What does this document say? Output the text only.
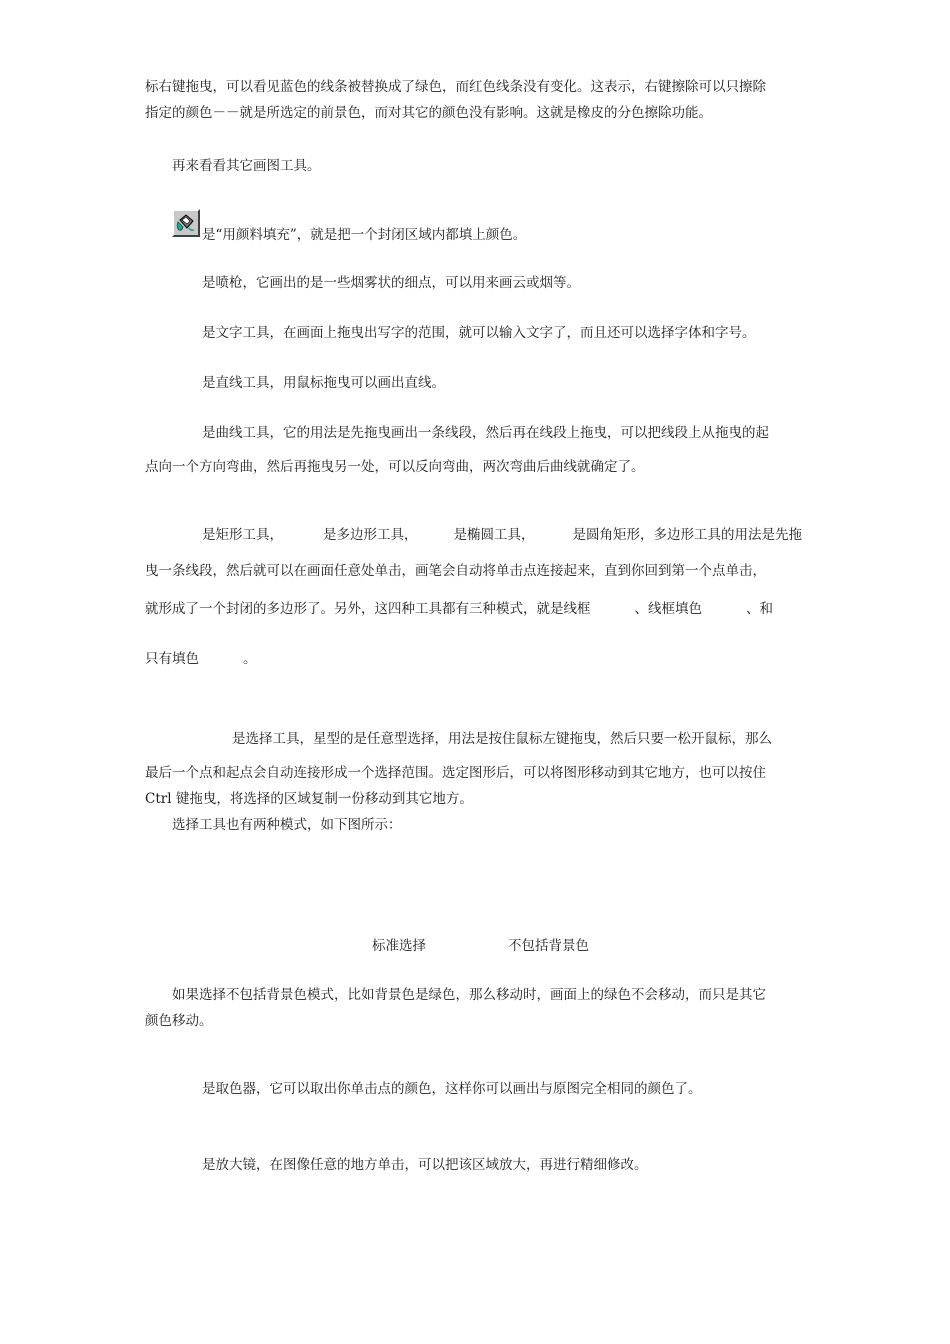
标右键拖曳，可以看见蓝色的线条被替换成了绿色，而红色线条没有变化。这表示，右键擦除可以只擦除
指定的颜色－－就是所选定的前景色，而对其它的颜色没有影响。这就是橡皮的分色擦除功能。
再来看看其它画图工具。
是“用颜料填充”，就是把一个封闭区域内都填上颜色。
是喷枪，它画出的是一些烟雾状的细点，可以用来画云或烟等。
是文字工具，在画面上拖曳出写字的范围，就可以输入文字了，而且还可以选择字体和字号。
是直线工具，用鼠标拖曳可以画出直线。
是曲线工具，它的用法是先拖曳画出一条线段，然后再在线段上拖曳，可以把线段上从拖曳的起
点向一个方向弯曲，然后再拖曳另一处，可以反向弯曲，两次弯曲后曲线就确定了。
是矩形工具，	是多边形工具，	是椭圆工具，	是圆角矩形，多边形工具的用法是先拖
曳一条线段，然后就可以在画面任意处单击，画笔会自动将单击点连接起来，直到你回到第一个点单击，
就形成了一个封闭的多边形了。另外，这四种工具都有三种模式，就是线框	、线框填色	、和
只有填色	。
是选择工具，星型的是任意型选择，用法是按住鼠标左键拖曳，然后只要一松开鼠标，那么
最后一个点和起点会自动连接形成一个选择范围。选定图形后，可以将图形移动到其它地方，也可以按住
Ctrl 键拖曳，将选择的区域复制一份移动到其它地方。
选择工具也有两种模式，如下图所示：
标准选择	不包括背景色
如果选择不包括背景色模式，比如背景色是绿色，那么移动时，画面上的绿色不会移动，而只是其它
颜色移动。
是取色器，它可以取出你单击点的颜色，这样你可以画出与原图完全相同的颜色了。
是放大镜，在图像任意的地方单击，可以把该区域放大，再进行精细修改。
